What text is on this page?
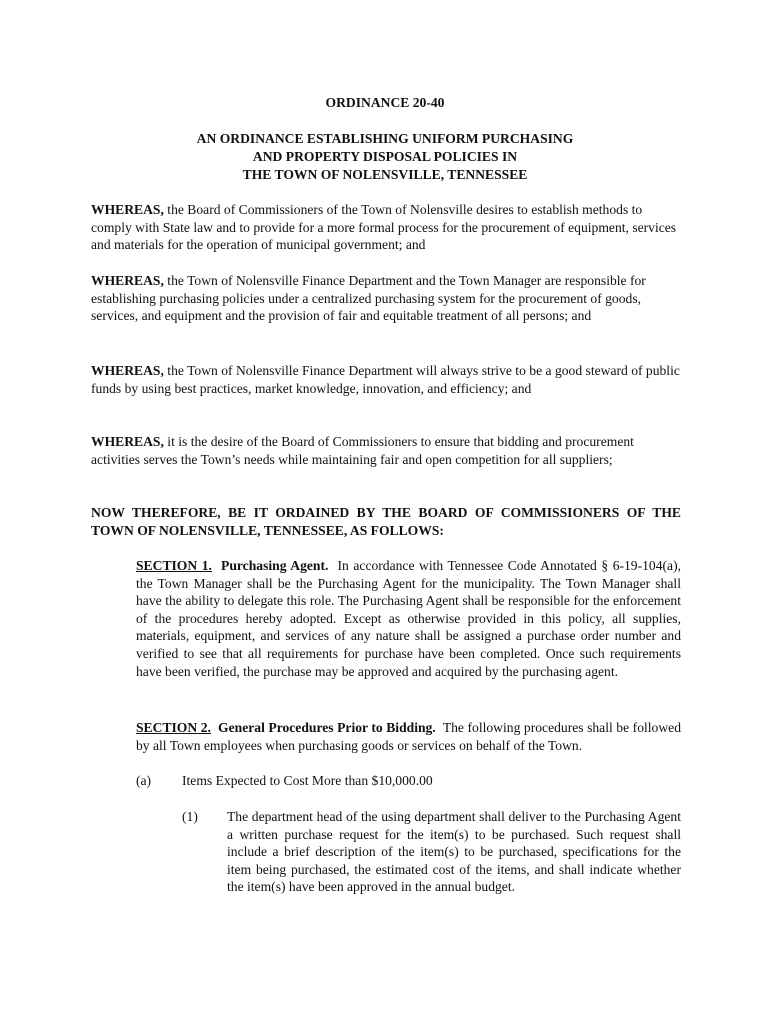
ORDINANCE 20-40
AN ORDINANCE ESTABLISHING UNIFORM PURCHASING
AND PROPERTY DISPOSAL POLICIES IN
THE TOWN OF NOLENSVILLE, TENNESSEE
WHEREAS, the Board of Commissioners of the Town of Nolensville desires to establish methods to comply with State law and to provide for a more formal process for the procurement of equipment, services and materials for the operation of municipal government; and
WHEREAS, the Town of Nolensville Finance Department and the Town Manager are responsible for establishing purchasing policies under a centralized purchasing system for the procurement of goods, services, and equipment and the provision of fair and equitable treatment of all persons; and
WHEREAS, the Town of Nolensville Finance Department will always strive to be a good steward of public funds by using best practices, market knowledge, innovation, and efficiency; and
WHEREAS, it is the desire of the Board of Commissioners to ensure that bidding and procurement activities serves the Town’s needs while maintaining fair and open competition for all suppliers;
NOW THEREFORE, BE IT ORDAINED BY THE BOARD OF COMMISSIONERS OF THE TOWN OF NOLENSVILLE, TENNESSEE, AS FOLLOWS:
SECTION 1. Purchasing Agent. In accordance with Tennessee Code Annotated § 6-19-104(a), the Town Manager shall be the Purchasing Agent for the municipality. The Town Manager shall have the ability to delegate this role. The Purchasing Agent shall be responsible for the enforcement of the procedures hereby adopted. Except as otherwise provided in this policy, all supplies, materials, equipment, and services of any nature shall be assigned a purchase order number and verified to see that all requirements for purchase have been completed. Once such requirements have been verified, the purchase may be approved and acquired by the purchasing agent.
SECTION 2. General Procedures Prior to Bidding. The following procedures shall be followed by all Town employees when purchasing goods or services on behalf of the Town.
(a) Items Expected to Cost More than $10,000.00
(1) The department head of the using department shall deliver to the Purchasing Agent a written purchase request for the item(s) to be purchased. Such request shall include a brief description of the item(s) to be purchased, specifications for the item being purchased, the estimated cost of the items, and shall indicate whether the item(s) have been approved in the annual budget.
